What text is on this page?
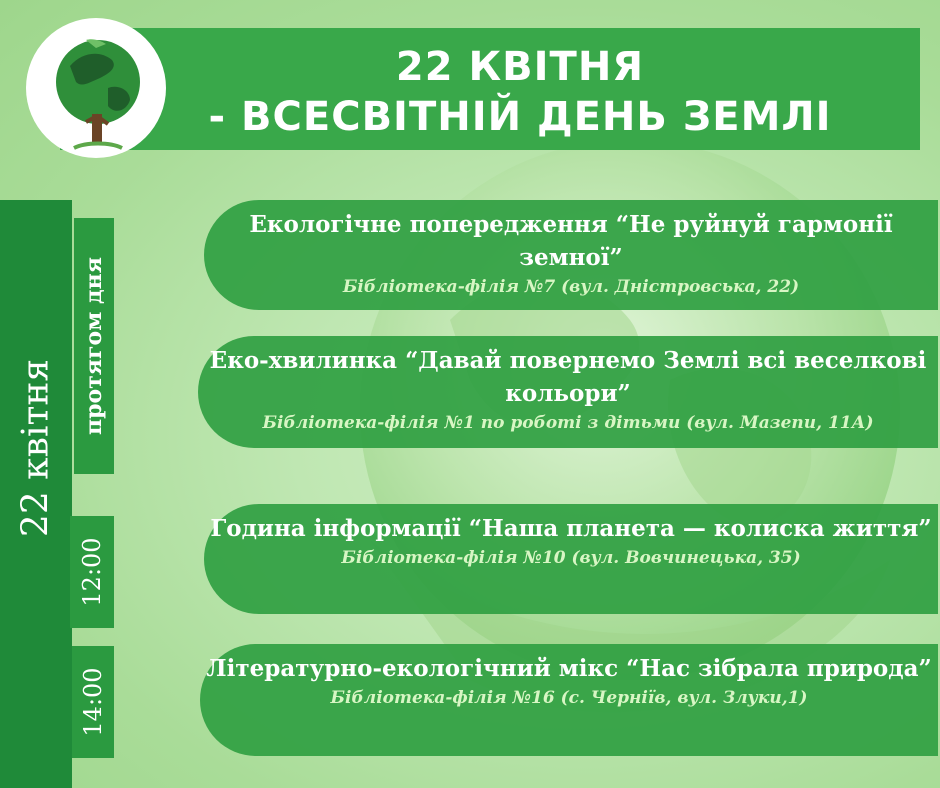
22 КВІТНЯ
- ВСЕСВІТНІЙ ДЕНЬ ЗЕМЛІ
22 квітня
протягом дня
12:00
14:00
Екологічне попередження “Не руйнуй гармонії земної”
Бібліотека-філія №7 (вул. Дністровська, 22)
Еко-хвилинка “Давай повернемо Землі всі веселкові кольори”
Бібліотека-філія №1 по роботі з дітьми (вул. Мазепи, 11А)
Година інформації “Наша планета — колиска життя”
Бібліотека-філія №10 (вул. Вовчинецька, 35)
Літературно-екологічний мікс “Нас зібрала природа”
Бібліотека-філія №16 (с. Чернiїв, вул. Злуки,1)
